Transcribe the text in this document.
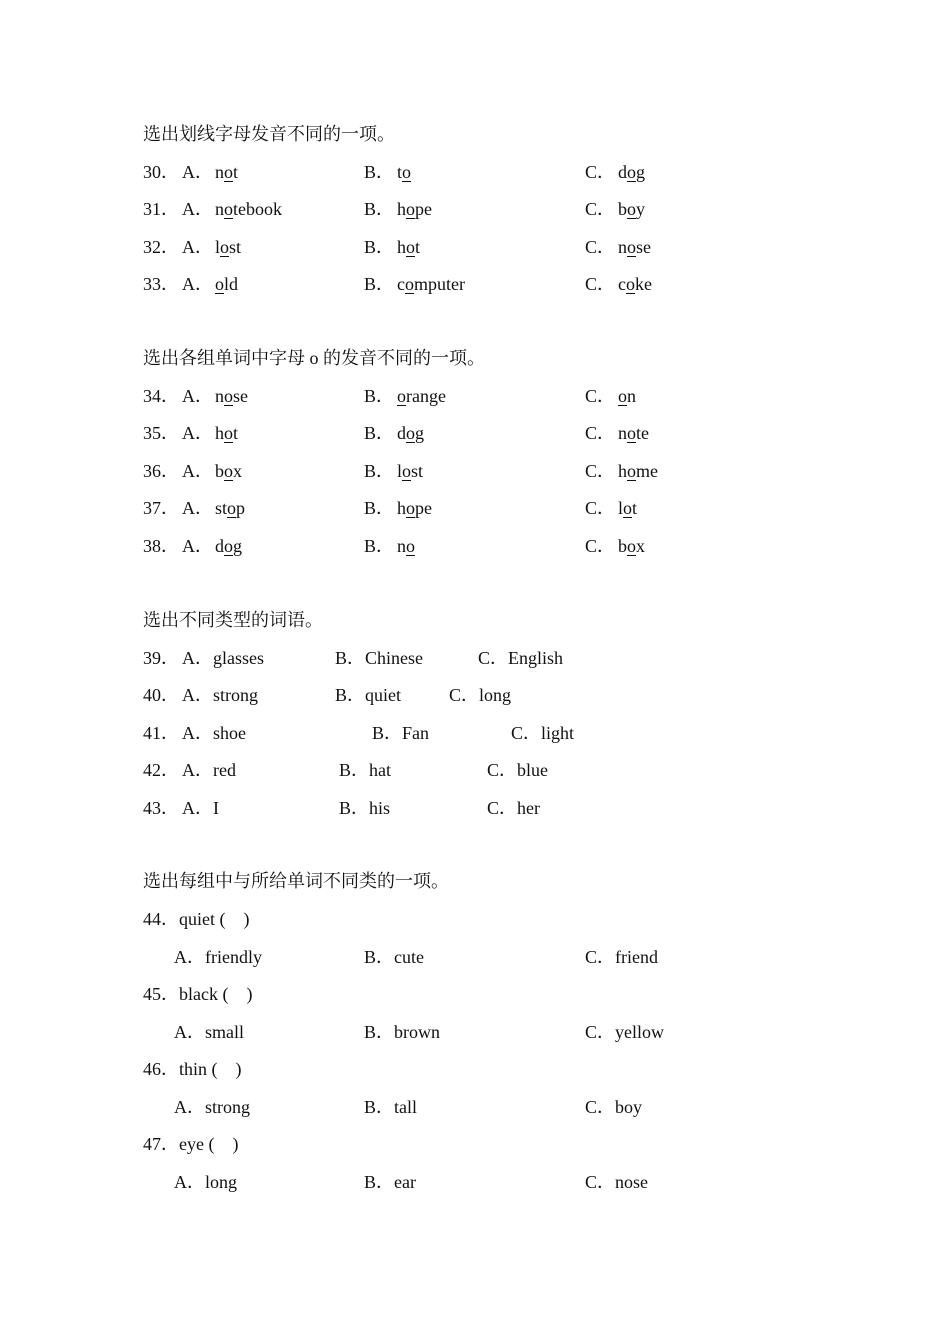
选出划线字母发音不同的一项。
选出各组单词中字母 o 的发音不同的一项。
选出不同类型的词语。
选出每组中与所给单词不同类的一项。
30． A． not	B． to	C． dog
31． A． notebook	B． hope	C． boy
32． A． lost	B． hot	C． nose
33． A． old	B． computer	C． coke
34． A． nose	B． orange	C． on
35． A． hot	B． dog	C． note
36． A． box	B． lost	C． home
37． A． stop	B． hope	C． lot
38． A． dog	B． no	C． box
39． A．glasses	B．Chinese	C．English
40． A．strong	B．quiet	C．long
41． A．shoe	B．Fan	C．light
42． A．red	B．hat	C．blue
43． A．I	B．his	C．her
44．quiet (　)
A．friendly	B．cute	C．friend
45．black (　)
A．small	B．brown	C．yellow
46．thin (　)
A．strong	B．tall	C．boy
47．eye (　)
A．long	B．ear	C．nose
